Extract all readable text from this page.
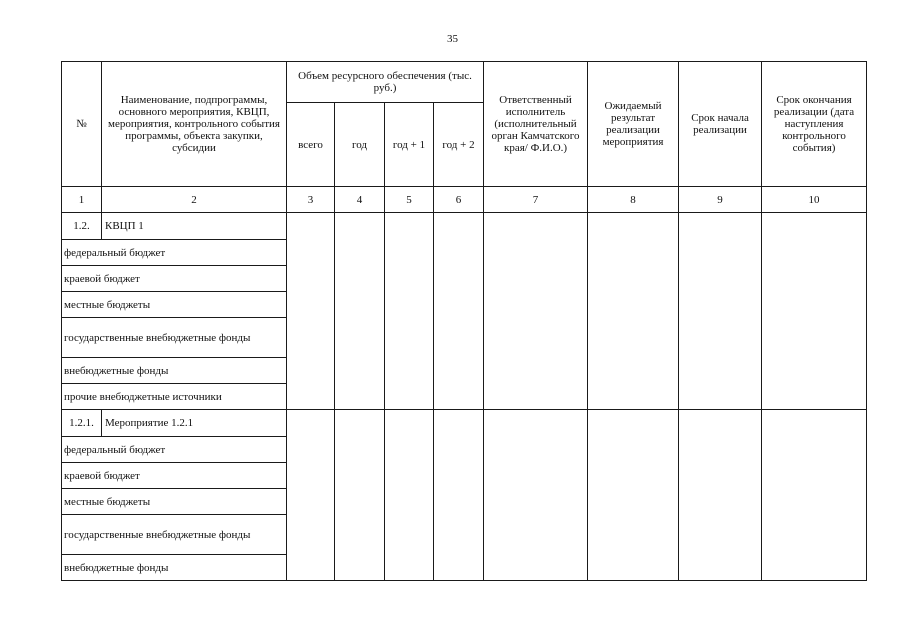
35
№	Наименование, подпрограммы, основного мероприятия, КВЦП, мероприятия, контрольного события программы, объекта закупки, субсидии	Объем ресурсного обеспечения (тыс. руб.)				Ответственный исполнитель (исполнительный орган Камчатского края/ Ф.И.О.)	Ожидаемый результат реализации мероприятия	Срок начала реализации	Срок окончания реализации (дата наступления контрольного события)
		всего	год	год + 1	год + 2				
1	2	3	4	5	6	7	8	9	10
1.2.	КВЦП 1								
федеральный бюджет									
краевой бюджет									
местные бюджеты									
государственные внебюджетные фонды									
внебюджетные фонды									
прочие внебюджетные источники									
1.2.1.	Мероприятие 1.2.1								
федеральный бюджет									
краевой бюджет									
местные бюджеты									
государственные внебюджетные фонды									
внебюджетные фонды									
